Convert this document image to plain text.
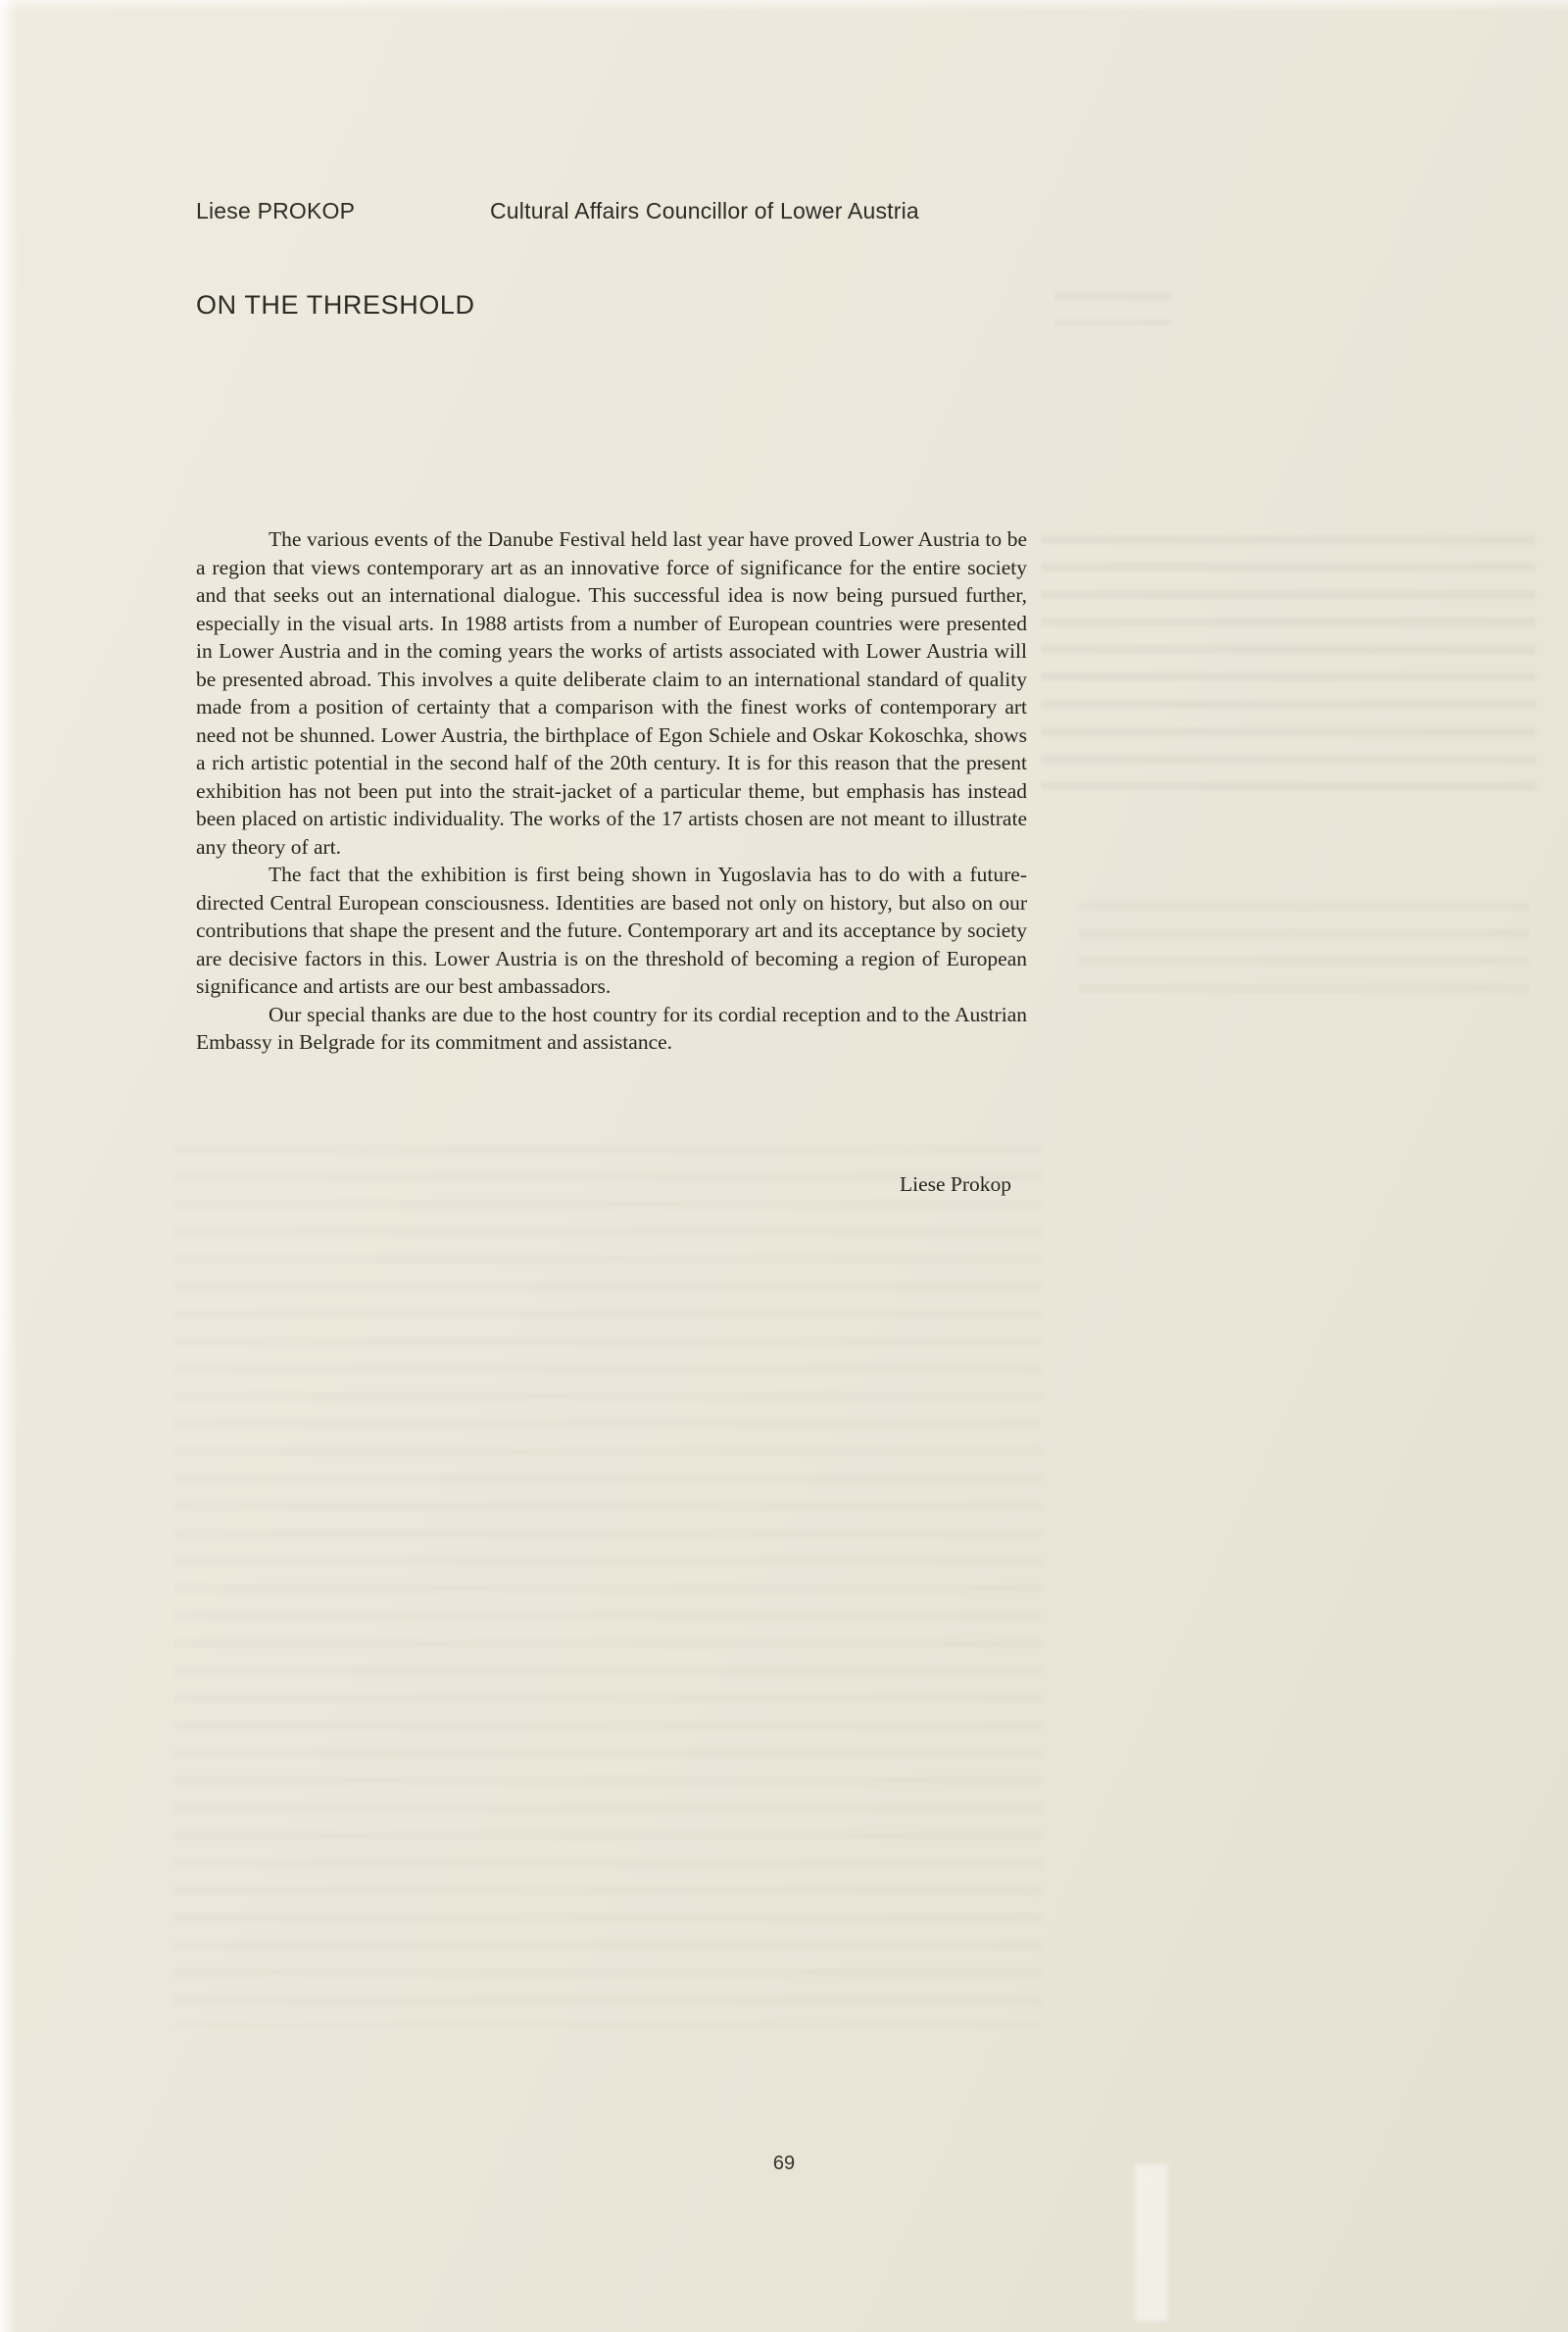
Liese PROKOP	Cultural Affairs Councillor of Lower Austria
ON THE THRESHOLD

The various events of the Danube Festival held last year have proved Lower Austria to be a region that views contemporary art as an innovative force of significance for the entire society and that seeks out an international dialogue. This successful idea is now being pursued further, especially in the visual arts. In 1988 artists from a number of European countries were presented in Lower Austria and in the coming years the works of artists associated with Lower Austria will be presented abroad. This involves a quite deliberate claim to an international standard of quality made from a position of certainty that a comparison with the finest works of contemporary art need not be shunned. Lower Austria, the birthplace of Egon Schiele and Oskar Kokoschka, shows a rich artistic potential in the second half of the 20th century. It is for this reason that the present exhibition has not been put into the strait-jacket of a particular theme, but emphasis has instead been placed on artistic individuality. The works of the 17 artists chosen are not meant to illustrate any theory of art.

The fact that the exhibition is first being shown in Yugoslavia has to do with a future-directed Central European consciousness. Identities are based not only on history, but also on our contributions that shape the present and the future. Contemporary art and its acceptance by society are decisive factors in this. Lower Austria is on the threshold of becoming a region of European significance and artists are our best ambassadors.

Our special thanks are due to the host country for its cordial reception and to the Austrian Embassy in Belgrade for its commitment and assistance.

Liese Prokop
69
